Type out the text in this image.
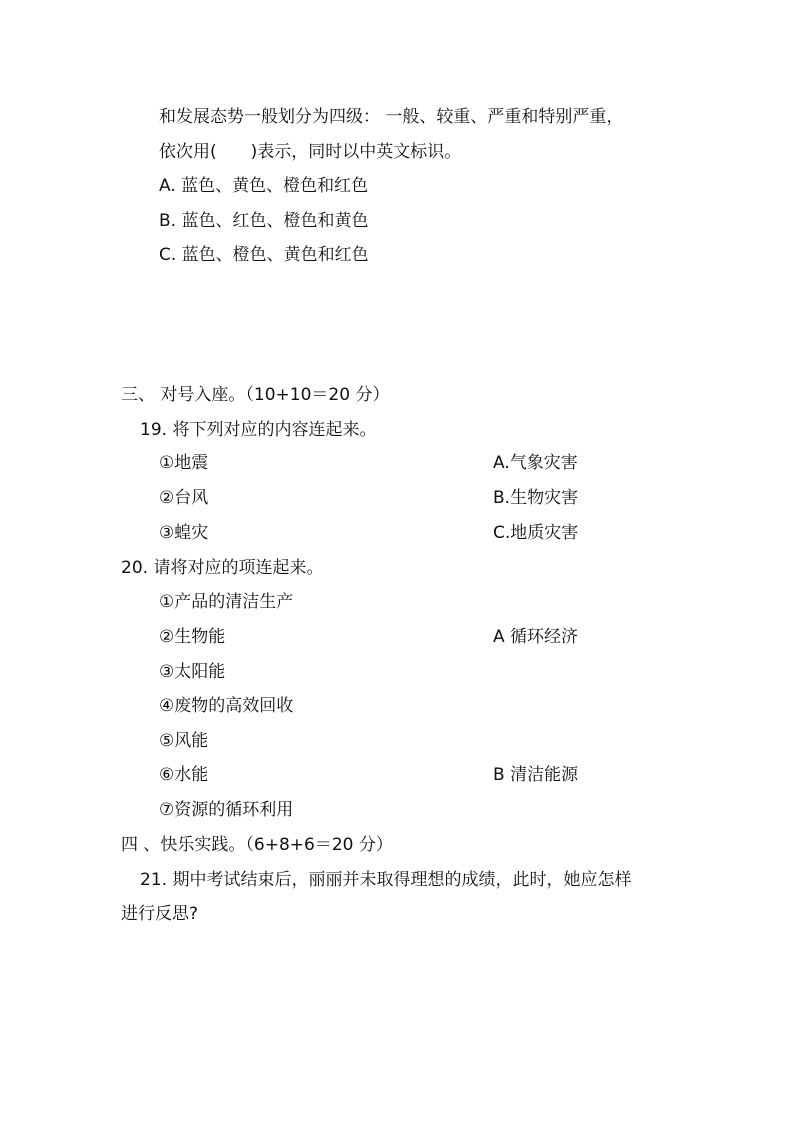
和发展态势一般划分为四级： 一般、较重、严重和特别严重，
依次用(　　)表示，同时以中英文标识。
A. 蓝色、黄色、橙色和红色
B. 蓝色、红色、橙色和黄色
C. 蓝色、橙色、黄色和红色
三、 对号入座。（10+10＝20 分）
19. 将下列对应的内容连起来。
①地震	A.气象灾害
②台风	B.生物灾害
③蝗灾	C.地质灾害
20. 请将对应的项连起来。
①产品的清洁生产
②生物能	A 循环经济
③太阳能
④废物的高效回收
⑤风能
⑥水能	B 清洁能源
⑦资源的循环利用
四 、快乐实践。（6+8+6＝20 分）
21. 期中考试结束后，丽丽并未取得理想的成绩，此时，她应怎样
进行反思?
